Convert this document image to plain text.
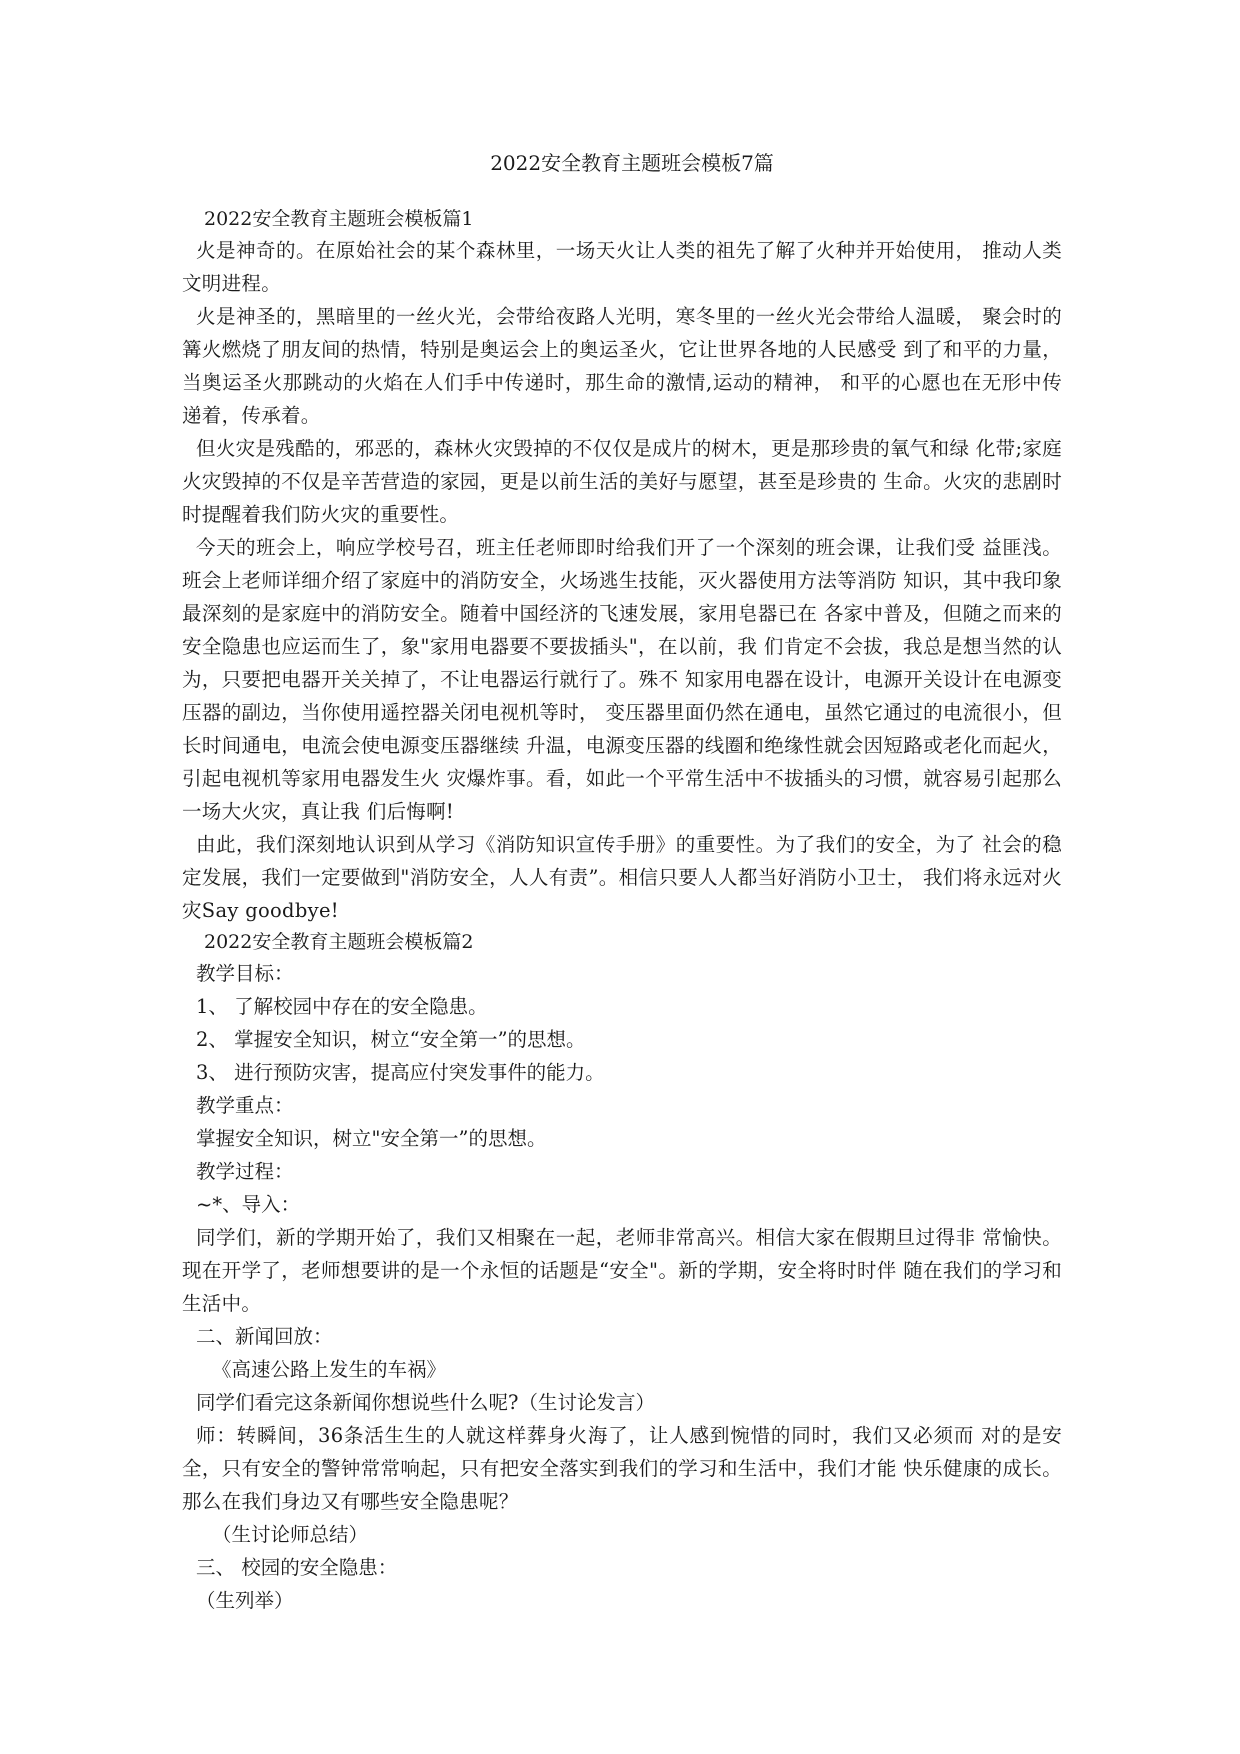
2022安全教育主题班会模板7篇
2022安全教育主题班会模板篇1

火是神奇的。在原始社会的某个森林里，一场天火让人类的祖先了解了火种并开始使用， 推动人类文明进程。

火是神圣的，黑暗里的一丝火光，会带给夜路人光明，寒冬里的一丝火光会带给人温暖， 聚会时的篝火燃烧了朋友间的热情，特别是奥运会上的奥运圣火，它让世界各地的人民感受 到了和平的力量，当奥运圣火那跳动的火焰在人们手中传递时，那生命的激情,运动的精神， 和平的心愿也在无形中传递着，传承着。

但火灾是残酷的，邪恶的，森林火灾毁掉的不仅仅是成片的树木，更是那珍贵的氧气和绿 化带;家庭火灾毁掉的不仅是辛苦营造的家园，更是以前生活的美好与愿望，甚至是珍贵的 生命。火灾的悲剧时时提醒着我们防火灾的重要性。

今天的班会上，响应学校号召，班主任老师即时给我们开了一个深刻的班会课，让我们受 益匪浅。班会上老师详细介绍了家庭中的消防安全，火场逃生技能，灭火器使用方法等消防 知识，其中我印象最深刻的是家庭中的消防安全。随着中国经济的飞速发展，家用皂器已在 各家中普及，但随之而来的安全隐患也应运而生了，象"家用电器要不要拔插头"，在以前，我 们肯定不会拔，我总是想当然的认为，只要把电器开关关掉了，不让电器运行就行了。殊不 知家用电器在设计，电源开关设计在电源变压器的副边，当你使用遥控器关闭电视机等时， 变压器里面仍然在通电，虽然它通过的电流很小，但长时间通电，电流会使电源变压器继续 升温，电源变压器的线圈和绝缘性就会因短路或老化而起火，引起电视机等家用电器发生火 灾爆炸事。看，如此一个平常生活中不拔插头的习惯，就容易引起那么一场大火灾，真让我 们后悔啊!

由此，我们深刻地认识到从学习《消防知识宣传手册》的重要性。为了我们的安全，为了 社会的稳定发展，我们一定要做到"消防安全，人人有责”。相信只要人人都当好消防小卫士， 我们将永远对火灾Say goodbye!

2022安全教育主题班会模板篇2
教学目标：
1、 了解校园中存在的安全隐患。
2、 掌握安全知识，树立“安全第一”的思想。
3、 进行预防灾害，提高应付突发事件的能力。
教学重点：
掌握安全知识，树立"安全第一”的思想。
教学过程：
~*、导入：

同学们，新的学期开始了，我们又相聚在一起，老师非常高兴。相信大家在假期旦过得非 常愉快。现在开学了，老师想要讲的是一个永恒的话题是“安全"。新的学期，安全将时时伴 随在我们的学习和生活中。

二、新闻回放：
《高速公路上发生的车祸》
同学们看完这条新闻你想说些什么呢?（生讨论发言）

师：转瞬间，36条活生生的人就这样葬身火海了，让人感到惋惜的同时，我们又必须而 对的是安全，只有安全的警钟常常响起，只有把安全落实到我们的学习和生活中，我们才能 快乐健康的成长。那么在我们身边又有哪些安全隐患呢？

（生讨论师总结）
三、 校园的安全隐患：
（生列举）
